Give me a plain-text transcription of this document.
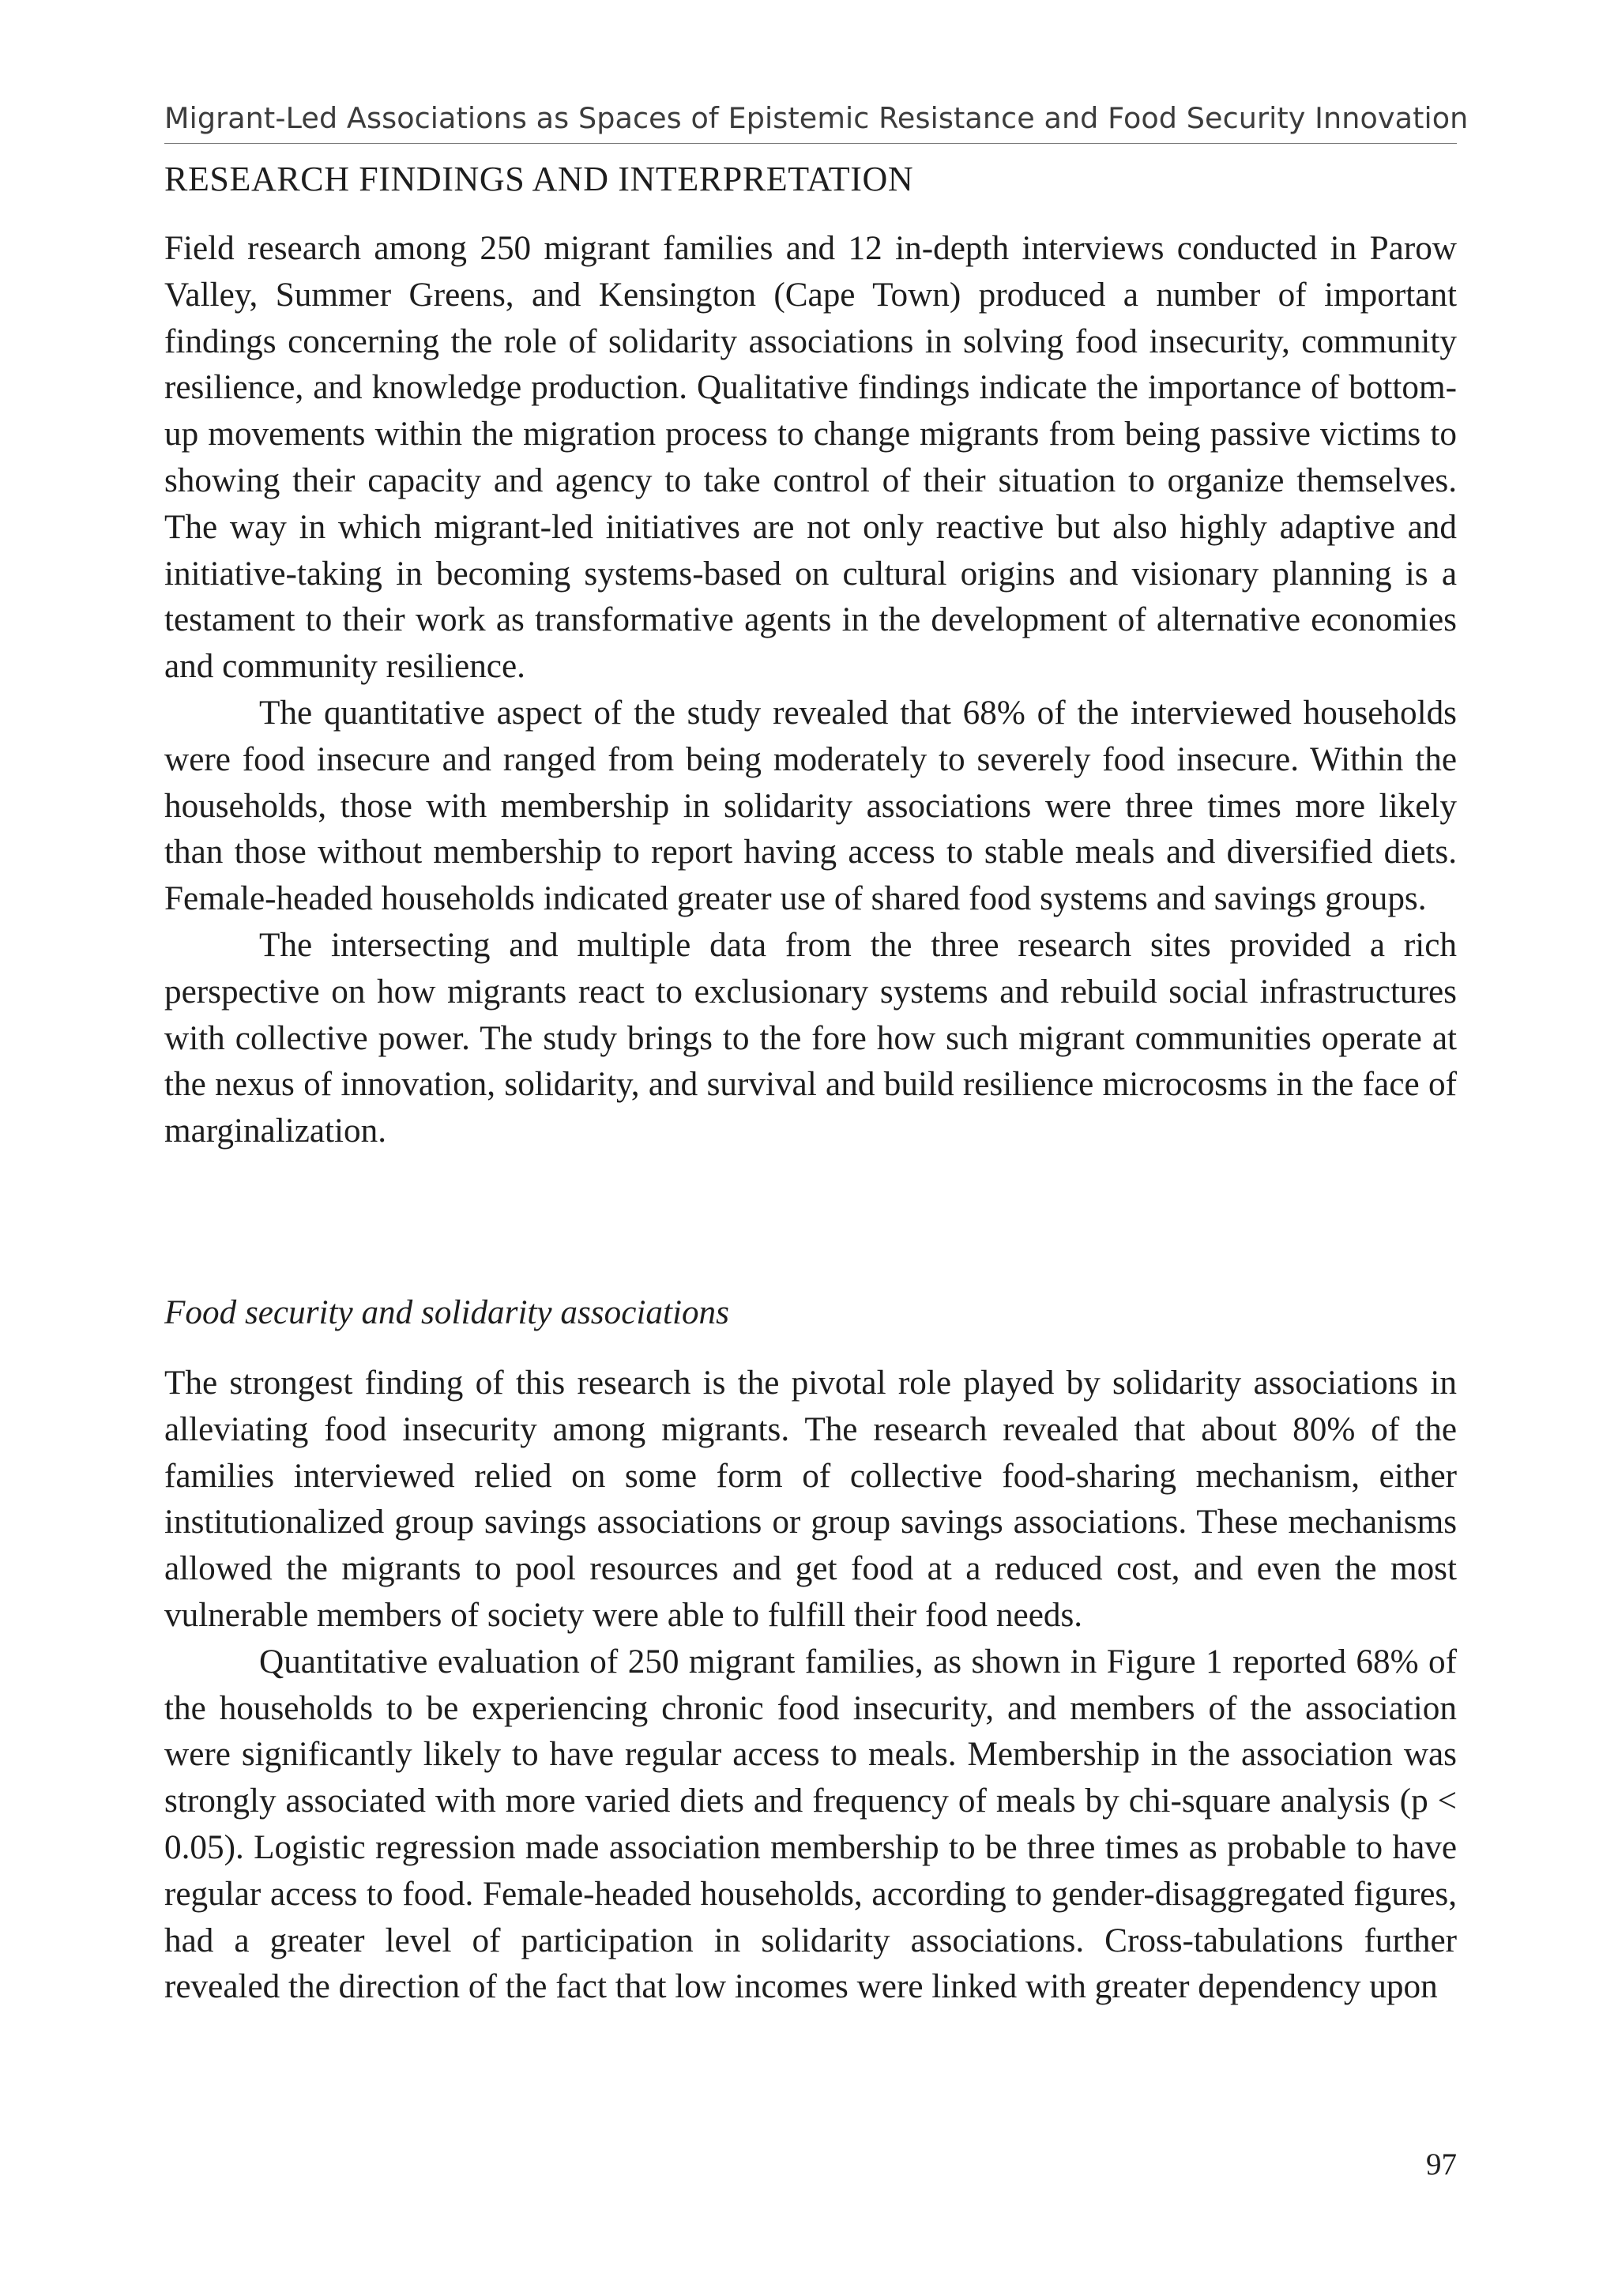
Migrant-Led Associations as Spaces of Epistemic Resistance and Food Security Innovation
RESEARCH FINDINGS AND INTERPRETATION

Field research among 250 migrant families and 12 in-depth interviews conducted in Parow Valley, Summer Greens, and Kensington (Cape Town) produced a number of important findings concerning the role of solidarity associations in solving food insecurity, community resilience, and knowledge production. Qualitative findings indicate the importance of bottom-up movements within the migration process to change migrants from being passive victims to showing their capacity and agency to take control of their situation to organize themselves. The way in which migrant-led initiatives are not only reactive but also highly adaptive and initiative-taking in becoming systems-based on cultural origins and visionary planning is a testament to their work as transformative agents in the development of alternative economies and community resilience.

The quantitative aspect of the study revealed that 68% of the interviewed households were food insecure and ranged from being moderately to severely food insecure. Within the households, those with membership in solidarity associations were three times more likely than those without membership to report having access to stable meals and diversified diets. Female-headed households indicated greater use of shared food systems and savings groups.

The intersecting and multiple data from the three research sites provided a rich perspective on how migrants react to exclusionary systems and rebuild social infrastructures with collective power. The study brings to the fore how such migrant communities operate at the nexus of innovation, solidarity, and survival and build resilience microcosms in the face of marginalization.

Food security and solidarity associations

The strongest finding of this research is the pivotal role played by solidarity associations in alleviating food insecurity among migrants. The research revealed that about 80% of the families interviewed relied on some form of collective food-sharing mechanism, either institutionalized group savings associations or group savings associations. These mechanisms allowed the migrants to pool resources and get food at a reduced cost, and even the most vulnerable members of society were able to fulfill their food needs.

Quantitative evaluation of 250 migrant families, as shown in Figure 1 reported 68% of the households to be experiencing chronic food insecurity, and members of the association were significantly likely to have regular access to meals. Membership in the association was strongly associated with more varied diets and frequency of meals by chi-square analysis (p < 0.05). Logistic regression made association membership to be three times as probable to have regular access to food. Female-headed households, according to gender-disaggregated figures, had a greater level of participation in solidarity associations. Cross-tabulations further revealed the direction of the fact that low incomes were linked with greater dependency upon

97
